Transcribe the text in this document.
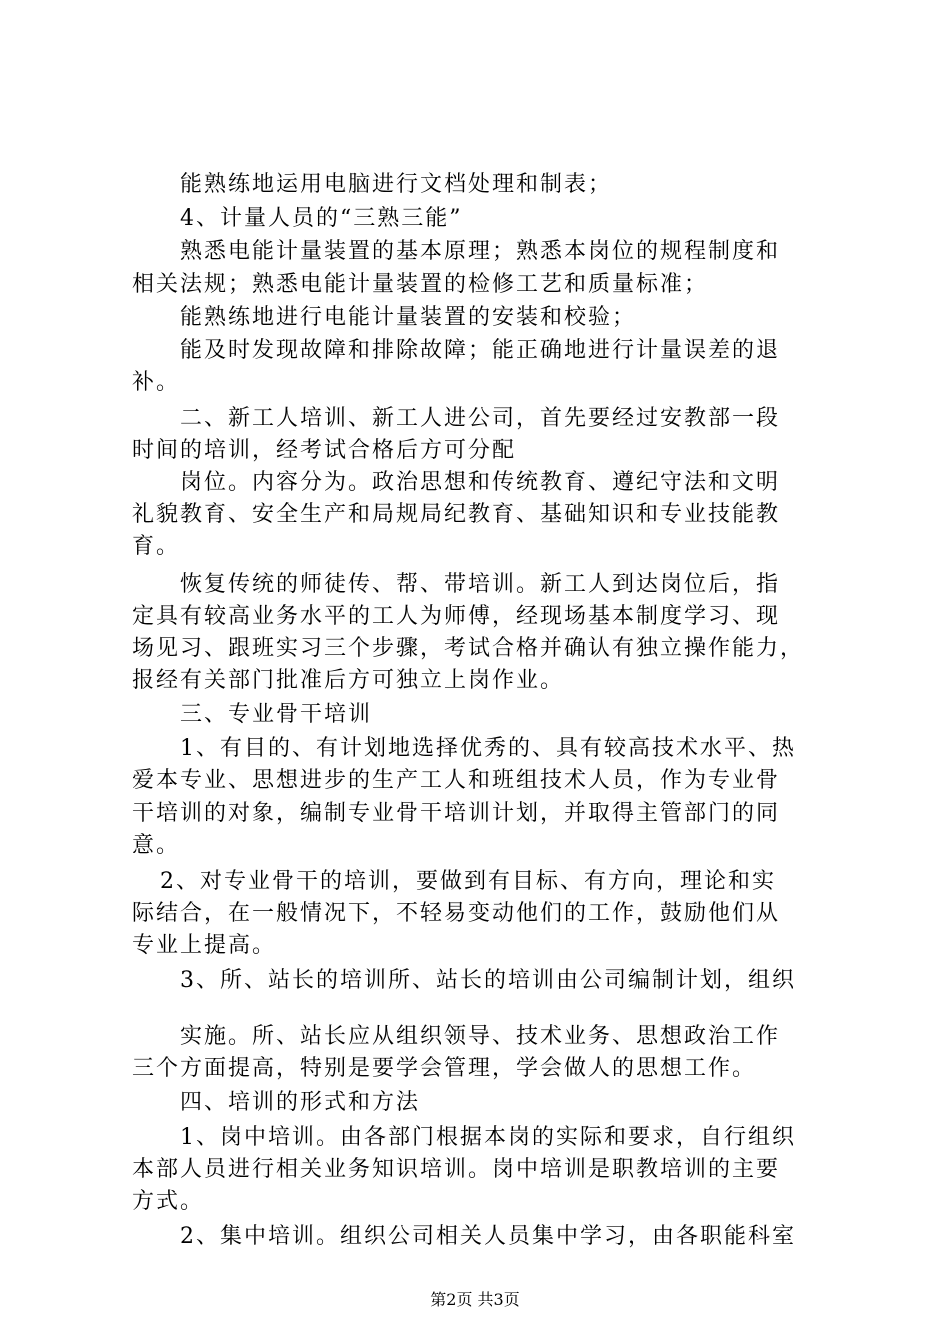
能熟练地运用电脑进行文档处理和制表；
4、计量人员的“三熟三能”
熟悉电能计量装置的基本原理；熟悉本岗位的规程制度和
相关法规；熟悉电能计量装置的检修工艺和质量标准；
能熟练地进行电能计量装置的安装和校验；
能及时发现故障和排除故障；能正确地进行计量误差的退
补。
二、新工人培训、新工人进公司，首先要经过安教部一段
时间的培训，经考试合格后方可分配
岗位。内容分为。政治思想和传统教育、遵纪守法和文明
礼貌教育、安全生产和局规局纪教育、基础知识和专业技能教
育。
恢复传统的师徒传、帮、带培训。新工人到达岗位后，指
定具有较高业务水平的工人为师傅，经现场基本制度学习、现
场见习、跟班实习三个步骤，考试合格并确认有独立操作能力，
报经有关部门批准后方可独立上岗作业。
三、专业骨干培训
1、有目的、有计划地选择优秀的、具有较高技术水平、热
爱本专业、思想进步的生产工人和班组技术人员，作为专业骨
干培训的对象，编制专业骨干培训计划，并取得主管部门的同
意。
2、对专业骨干的培训，要做到有目标、有方向，理论和实
际结合，在一般情况下，不轻易变动他们的工作，鼓励他们从
专业上提高。
3、所、站长的培训所、站长的培训由公司编制计划，组织
实施。所、站长应从组织领导、技术业务、思想政治工作
三个方面提高，特别是要学会管理，学会做人的思想工作。
四、培训的形式和方法
1、岗中培训。由各部门根据本岗的实际和要求，自行组织
本部人员进行相关业务知识培训。岗中培训是职教培训的主要
方式。
2、集中培训。组织公司相关人员集中学习，由各职能科室
第2页 共3页
